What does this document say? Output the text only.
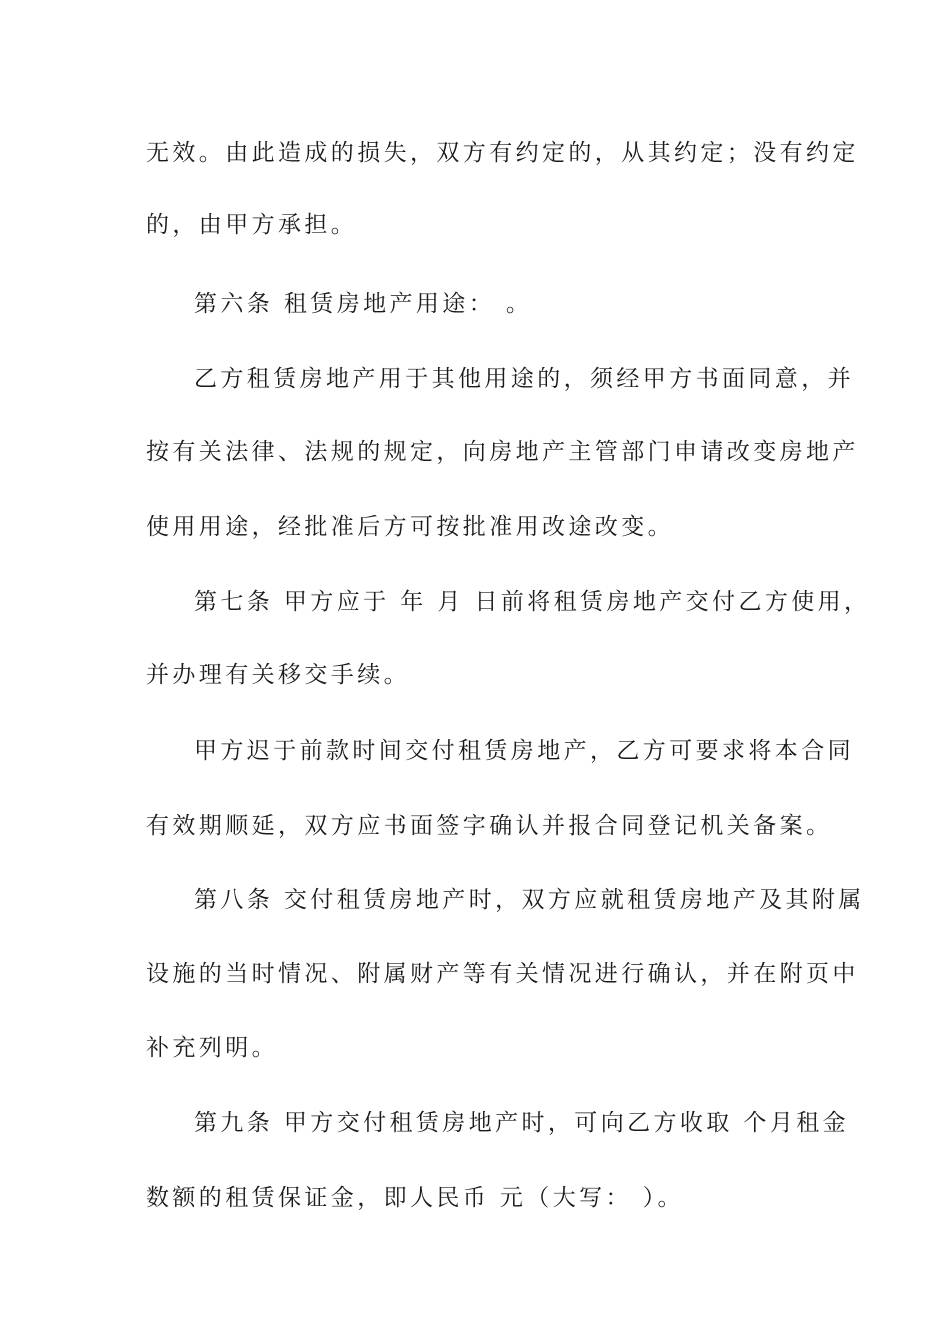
无效。由此造成的损失，双方有约定的，从其约定；没有约定
的，由甲方承担。
第六条 租赁房地产用途： 。
乙方租赁房地产用于其他用途的，须经甲方书面同意，并
按有关法律、法规的规定，向房地产主管部门申请改变房地产
使用用途，经批准后方可按批准用改途改变。
第七条 甲方应于 年 月 日前将租赁房地产交付乙方使用，
并办理有关移交手续。
甲方迟于前款时间交付租赁房地产，乙方可要求将本合同
有效期顺延，双方应书面签字确认并报合同登记机关备案。
第八条 交付租赁房地产时，双方应就租赁房地产及其附属
设施的当时情况、附属财产等有关情况进行确认，并在附页中
补充列明。
第九条 甲方交付租赁房地产时，可向乙方收取 个月租金
数额的租赁保证金，即人民币 元（大写： ）。
